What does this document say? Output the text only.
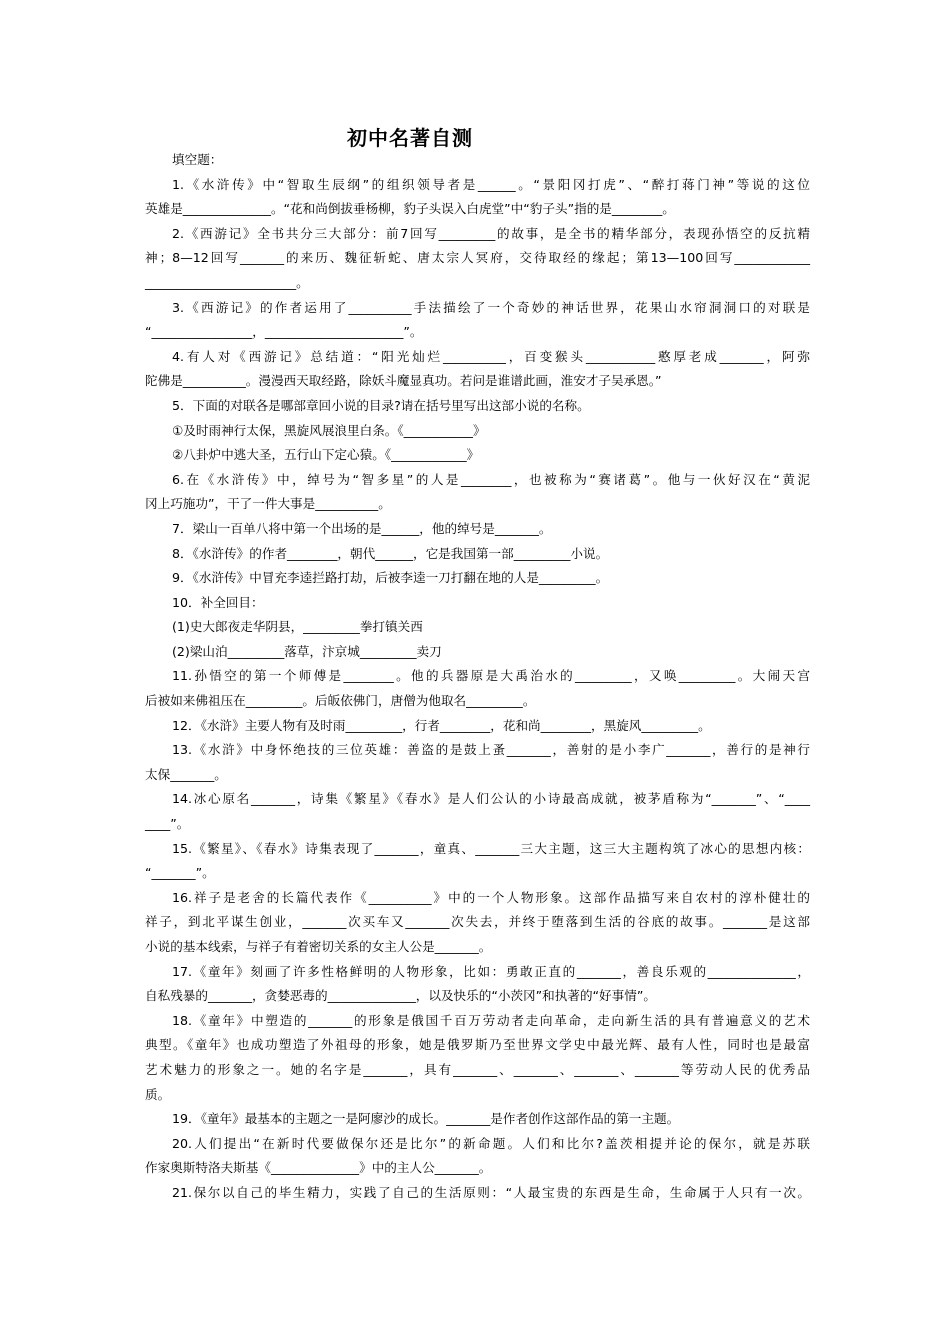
初中名著自测
填空题：
1.《水浒传》中“智取生辰纲”的组织领导者是______。“景阳冈打虎”、“醉打蒋门神”等说的这位
英雄是______________。“花和尚倒拔垂杨柳，豹子头误入白虎堂”中“豹子头”指的是________。
2.《西游记》全书共分三大部分：前7回写_________的故事，是全书的精华部分，表现孙悟空的反抗精
神；8—12回写_______的来历、魏征斩蛇、唐太宗人冥府，交待取经的缘起；第13—100回写____________
________________________。
3.《西游记》的作者运用了__________手法描绘了一个奇妙的神话世界，花果山水帘洞洞口的对联是
“________________，______________________”。
4.有人对《西游记》总结道：“阳光灿烂__________，百变猴头___________憨厚老成_______，阿弥
陀佛是__________。漫漫西天取经路，除妖斗魔显真功。若问是谁谱此画，淮安才子吴承恩。”
5．下面的对联各是哪部章回小说的目录?请在括号里写出这部小说的名称。
①及时雨神行太保，黑旋风展浪里白条。《___________》
②八卦炉中逃大圣，五行山下定心猿。《____________》
6.在《水浒传》中，绰号为“智多星”的人是________，也被称为“赛诸葛”。他与一伙好汉在“黄泥
冈上巧施功”，干了一件大事是__________。
7．梁山一百单八将中第一个出场的是______，他的绰号是_______。
8．《水浒传》的作者________，朝代______，它是我国第一部_________小说。
9．《水浒传》中冒充李逵拦路打劫，后被李逵一刀打翻在地的人是_________。
10．补全回目：
(1)史大郎夜走华阴县，_________拳打镇关西
(2)梁山泊_________落草，汴京城_________卖刀
11.孙悟空的第一个师傅是________。他的兵器原是大禹治水的_________，又唤_________。大闹天宫
后被如来佛祖压在_________。后皈依佛门，唐僧为他取名_________。
12．《水浒》主要人物有及时雨_________，行者________，花和尚________，黑旋风_________。
13.《水浒》中身怀绝技的三位英雄：善盗的是鼓上蚤_______，善射的是小李广_______，善行的是神行
太保_______。
14.冰心原名_______，诗集《繁星》《春水》是人们公认的小诗最高成就，被茅盾称为“_______”、“____
____”。
15.《繁星》、《春水》诗集表现了_______，童真、_______三大主题，这三大主题构筑了冰心的思想内核：
“_______”。
16.祥子是老舍的长篇代表作《__________》中的一个人物形象。这部作品描写来自农村的淳朴健壮的
祥子，到北平谋生创业，_______次买车又_______次失去，并终于堕落到生活的谷底的故事。_______是这部
小说的基本线索，与祥子有着密切关系的女主人公是_______。
17.《童年》刻画了许多性格鲜明的人物形象，比如：勇敢正直的_______，善良乐观的______________，
自私残暴的_______，贪婪恶毒的______________，以及快乐的“小茨冈”和执著的“好事情”。
18.《童年》中塑造的_______的形象是俄国千百万劳动者走向革命，走向新生活的具有普遍意义的艺术
典型。《童年》也成功塑造了外祖母的形象，她是俄罗斯乃至世界文学史中最光辉、最有人性，同时也是最富
艺术魅力的形象之一。她的名字是_______，具有_______、_______、_______、_______等劳动人民的优秀品
质。
19．《童年》最基本的主题之一是阿廖沙的成长。_______是作者创作这部作品的第一主题。
20.人们提出“在新时代要做保尔还是比尔”的新命题。人们和比尔?盖茨相提并论的保尔，就是苏联
作家奥斯特洛夫斯基《______________》中的主人公_______。
21.保尔以自己的毕生精力，实践了自己的生活原则：“人最宝贵的东西是生命，生命属于人只有一次。
